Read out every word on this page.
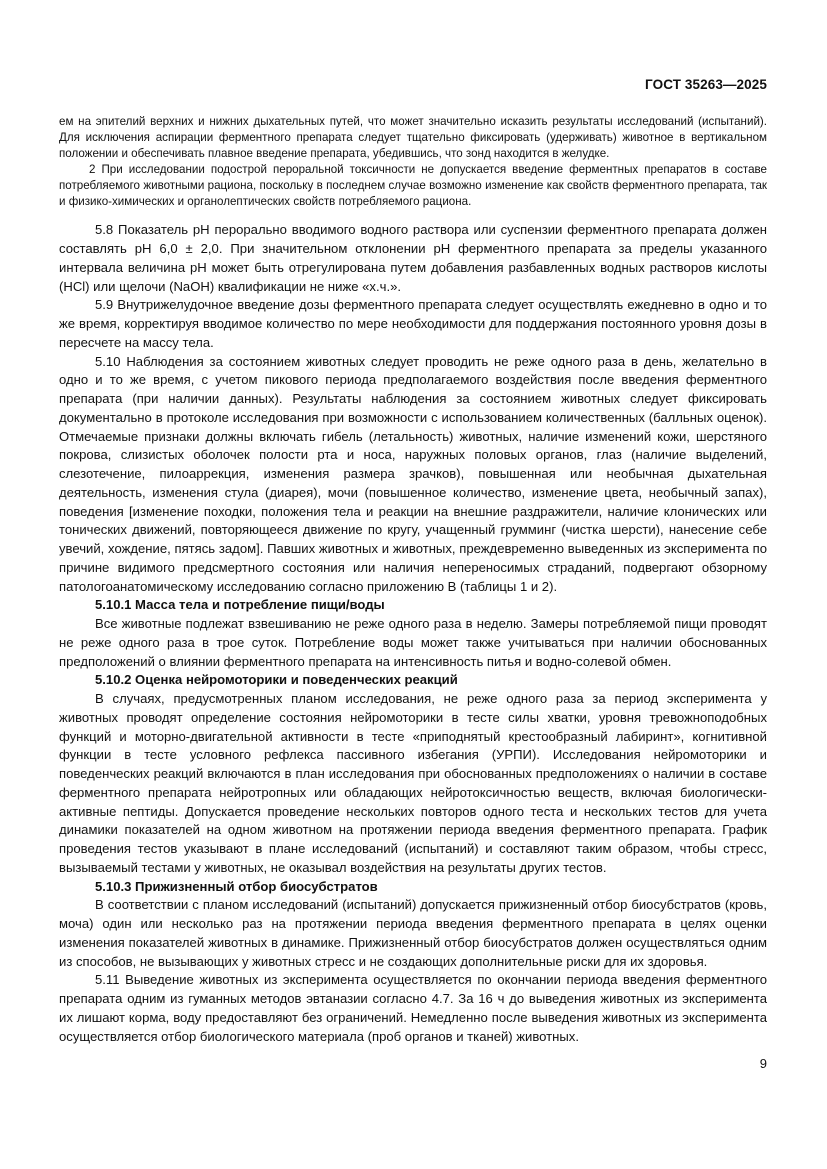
ГОСТ 35263—2025

ем на эпителий верхних и нижних дыхательных путей, что может значительно исказить результаты исследований (испытаний). Для исключения аспирации ферментного препарата следует тщательно фиксировать (удерживать) животное в вертикальном положении и обеспечивать плавное введение препарата, убедившись, что зонд находится в желудке.

2 При исследовании подострой пероральной токсичности не допускается введение ферментных препаратов в составе потребляемого животными рациона, поскольку в последнем случае возможно изменение как свойств ферментного препарата, так и физико-химических и органолептических свойств потребляемого рациона.

5.8 Показатель рН перорально вводимого водного раствора или суспензии ферментного препарата должен составлять рН 6,0 ± 2,0. При значительном отклонении рН ферментного препарата за пределы указанного интервала величина рН может быть отрегулирована путем добавления разбавленных водных растворов кислоты (HCl) или щелочи (NaOH) квалификации не ниже «х.ч.».

5.9 Внутрижелудочное введение дозы ферментного препарата следует осуществлять ежедневно в одно и то же время, корректируя вводимое количество по мере необходимости для поддержания постоянного уровня дозы в пересчете на массу тела.

5.10 Наблюдения за состоянием животных следует проводить не реже одного раза в день, желательно в одно и то же время, с учетом пикового периода предполагаемого воздействия после введения ферментного препарата (при наличии данных). Результаты наблюдения за состоянием животных следует фиксировать документально в протоколе исследования при возможности с использованием количественных (балльных оценок). Отмечаемые признаки должны включать гибель (летальность) животных, наличие изменений кожи, шерстяного покрова, слизистых оболочек полости рта и носа, наружных половых органов, глаз (наличие выделений, слезотечение, пилоаррекция, изменения размера зрачков), повышенная или необычная дыхательная деятельность, изменения стула (диарея), мочи (повышенное количество, изменение цвета, необычный запах), поведения [изменение походки, положения тела и реакции на внешние раздражители, наличие клонических или тонических движений, повторяющееся движение по кругу, учащенный грумминг (чистка шерсти), нанесение себе увечий, хождение, пятясь задом]. Павших животных и животных, преждевременно выведенных из эксперимента по причине видимого предсмертного состояния или наличия непереносимых страданий, подвергают обзорному патологоанатомическому исследованию согласно приложению В (таблицы 1 и 2).

5.10.1 Масса тела и потребление пищи/воды

Все животные подлежат взвешиванию не реже одного раза в неделю. Замеры потребляемой пищи проводят не реже одного раза в трое суток. Потребление воды может также учитываться при наличии обоснованных предположений о влиянии ферментного препарата на интенсивность питья и водно-солевой обмен.

5.10.2 Оценка нейромоторики и поведенческих реакций

В случаях, предусмотренных планом исследования, не реже одного раза за период эксперимента у животных проводят определение состояния нейромоторики в тесте силы хватки, уровня тревожноподобных функций и моторно-двигательной активности в тесте «приподнятый крестообразный лабиринт», когнитивной функции в тесте условного рефлекса пассивного избегания (УРПИ). Исследования нейромоторики и поведенческих реакций включаются в план исследования при обоснованных предположениях о наличии в составе ферментного препарата нейротропных или обладающих нейротоксичностью веществ, включая биологически-активные пептиды. Допускается проведение нескольких повторов одного теста и нескольких тестов для учета динамики показателей на одном животном на протяжении периода введения ферментного препарата. График проведения тестов указывают в плане исследований (испытаний) и составляют таким образом, чтобы стресс, вызываемый тестами у животных, не оказывал воздействия на результаты других тестов.

5.10.3 Прижизненный отбор биосубстратов

В соответствии с планом исследований (испытаний) допускается прижизненный отбор биосубстратов (кровь, моча) один или несколько раз на протяжении периода введения ферментного препарата в целях оценки изменения показателей животных в динамике. Прижизненный отбор биосубстратов должен осуществляться одним из способов, не вызывающих у животных стресс и не создающих дополнительные риски для их здоровья.

5.11 Выведение животных из эксперимента осуществляется по окончании периода введения ферментного препарата одним из гуманных методов эвтаназии согласно 4.7. За 16 ч до выведения животных из эксперимента их лишают корма, воду предоставляют без ограничений. Немедленно после выведения животных из эксперимента осуществляется отбор биологического материала (проб органов и тканей) животных.

9
